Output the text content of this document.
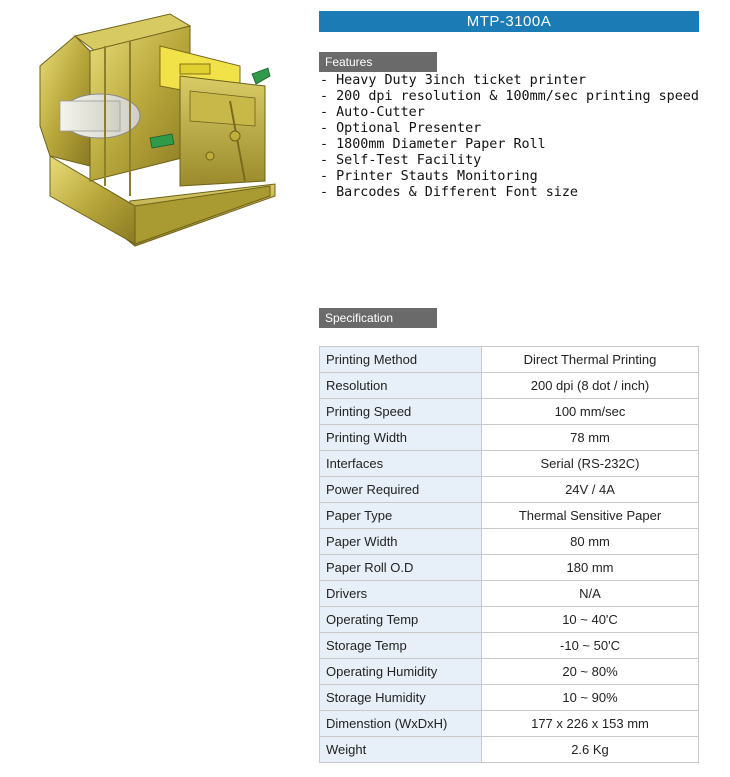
MTP-3100A
Features
- Heavy Duty 3inch ticket printer
- 200 dpi resolution & 100mm/sec printing speed
- Auto-Cutter
- Optional Presenter
- 1800mm Diameter Paper Roll
- Self-Test Facility
- Printer Stauts Monitoring
- Barcodes & Different Font size
Specification
Printing Method	Direct Thermal Printing
Resolution	200 dpi (8 dot / inch)
Printing Speed	100 mm/sec
Printing Width	78 mm
Interfaces	Serial (RS-232C)
Power Required	24V / 4A
Paper Type	Thermal Sensitive Paper
Paper Width	80 mm
Paper Roll O.D	180 mm
Drivers	N/A
Operating Temp	10 ~ 40'C
Storage Temp	-10 ~ 50'C
Operating Humidity	20 ~ 80%
Storage Humidity	10 ~ 90%
Dimenstion (WxDxH)	177 x 226 x 153 mm
Weight	2.6 Kg
